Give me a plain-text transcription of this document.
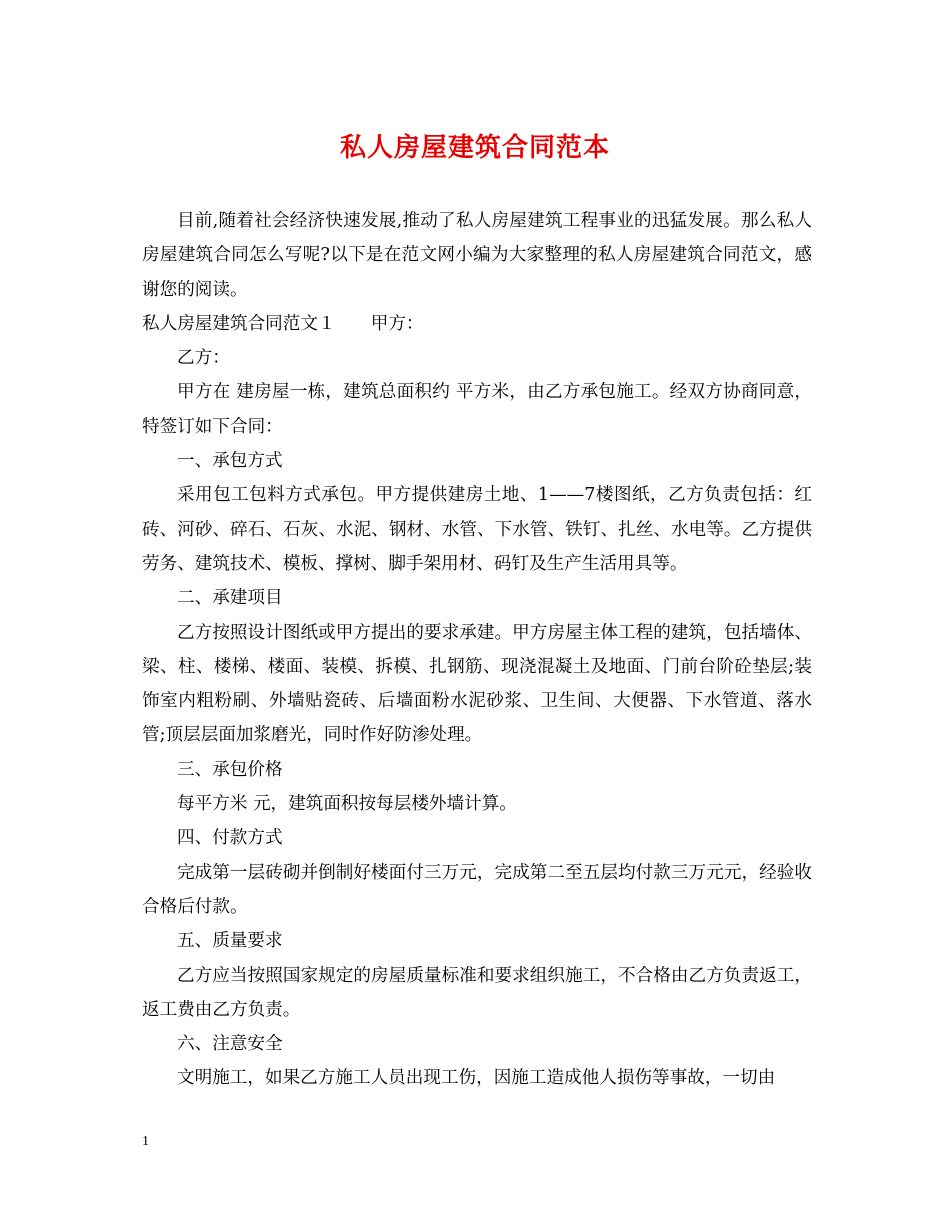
私人房屋建筑合同范本

目前,随着社会经济快速发展,推动了私人房屋建筑工程事业的迅猛发展。那么私人房屋建筑合同怎么写呢?以下是在范文网小编为大家整理的私人房屋建筑合同范文，感谢您的阅读。

私人房屋建筑合同范文１　　甲方：

乙方：

甲方在 建房屋一栋，建筑总面积约 平方米，由乙方承包施工。经双方协商同意，特签订如下合同：

一、承包方式

采用包工包料方式承包。甲方提供建房土地、1——7楼图纸，乙方负责包括：红砖、河砂、碎石、石灰、水泥、钢材、水管、下水管、铁钉、扎丝、水电等。乙方提供劳务、建筑技术、模板、撑树、脚手架用材、码钉及生产生活用具等。

二、承建项目

乙方按照设计图纸或甲方提出的要求承建。甲方房屋主体工程的建筑，包括墙体、梁、柱、楼梯、楼面、装模、拆模、扎钢筋、现浇混凝土及地面、门前台阶砼垫层;装饰室内粗粉刷、外墙贴瓷砖、后墙面粉水泥砂浆、卫生间、大便器、下水管道、落水管;顶层层面加浆磨光，同时作好防渗处理。

三、承包价格

每平方米 元，建筑面积按每层楼外墙计算。

四、付款方式

完成第一层砖砌并倒制好楼面付三万元，完成第二至五层均付款三万元元，经验收合格后付款。

五、质量要求

乙方应当按照国家规定的房屋质量标准和要求组织施工，不合格由乙方负责返工，返工费由乙方负责。

六、注意安全

文明施工，如果乙方施工人员出现工伤，因施工造成他人损伤等事故，一切由

1
